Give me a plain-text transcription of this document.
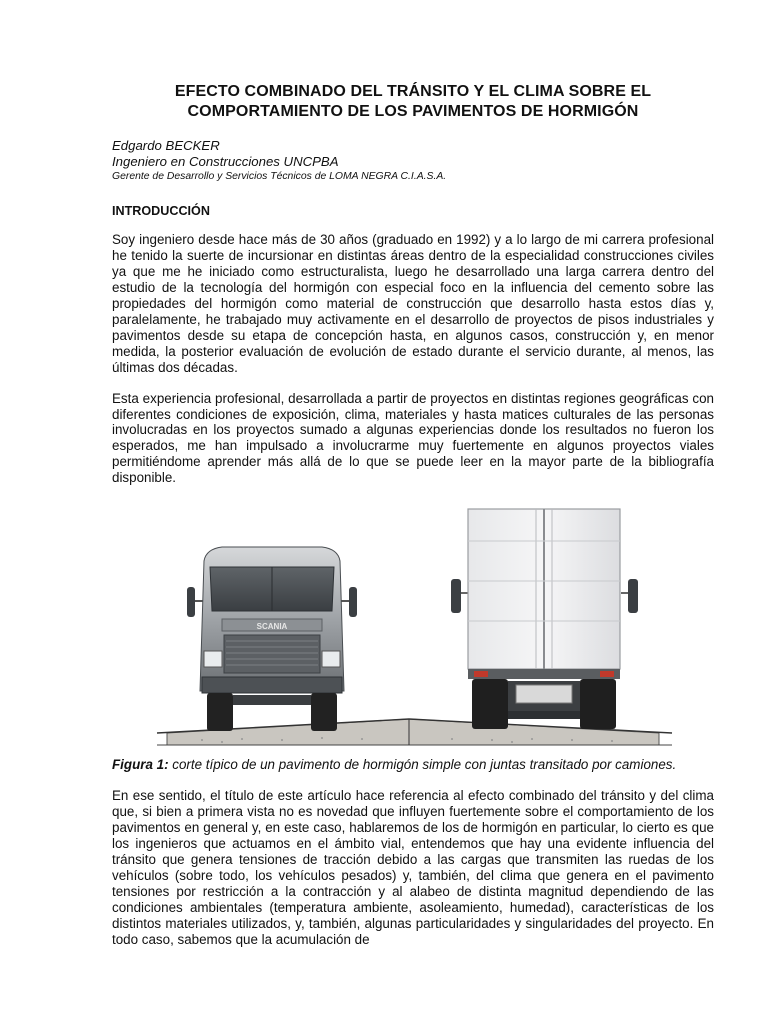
EFECTO COMBINADO DEL TRÁNSITO Y EL CLIMA SOBRE EL
COMPORTAMIENTO DE LOS PAVIMENTOS DE HORMIGÓN
Edgardo BECKER
Ingeniero en Construcciones UNCPBA
Gerente de Desarrollo y Servicios Técnicos de LOMA NEGRA C.I.A.S.A.
INTRODUCCIÓN

Soy ingeniero desde hace más de 30 años (graduado en 1992) y a lo largo de mi carrera profesional he tenido la suerte de incursionar en distintas áreas dentro de la especialidad construcciones civiles ya que me he iniciado como estructuralista, luego he desarrollado una larga carrera dentro del estudio de la tecnología del hormigón con especial foco en la influencia del cemento sobre las propiedades del hormigón como material de construcción que desarrollo hasta estos días y, paralelamente, he trabajado muy activamente en el desarrollo de proyectos de pisos industriales y pavimentos desde su etapa de concepción hasta, en algunos casos, construcción y, en menor medida, la posterior evaluación de evolución de estado durante el servicio durante, al menos, las últimas dos décadas.

Esta experiencia profesional, desarrollada a partir de proyectos en distintas regiones geográficas con diferentes condiciones de exposición, clima, materiales y hasta matices culturales de las personas involucradas en los proyectos sumado a algunas experiencias donde los resultados no fueron los esperados, me han impulsado a involucrarme muy fuertemente en algunos proyectos viales permitiéndome aprender más allá de lo que se puede leer en la mayor parte de la bibliografía disponible.

SCANIA
Figura 1: corte típico de un pavimento de hormigón simple con juntas transitado por camiones.

En ese sentido, el título de este artículo hace referencia al efecto combinado del tránsito y del clima que, si bien a primera vista no es novedad que influyen fuertemente sobre el comportamiento de los pavimentos en general y, en este caso, hablaremos de los de hormigón en particular, lo cierto es que los ingenieros que actuamos en el ámbito vial, entendemos que hay una evidente influencia del tránsito que genera tensiones de tracción debido a las cargas que transmiten las ruedas de los vehículos (sobre todo, los vehículos pesados) y, también, del clima que genera en el pavimento tensiones por restricción a la contracción y al alabeo de distinta magnitud dependiendo de las condiciones ambientales (temperatura ambiente, asoleamiento, humedad), características de los distintos materiales utilizados, y, también, algunas particularidades y singularidades del proyecto. En todo caso, sabemos que la acumulación de
